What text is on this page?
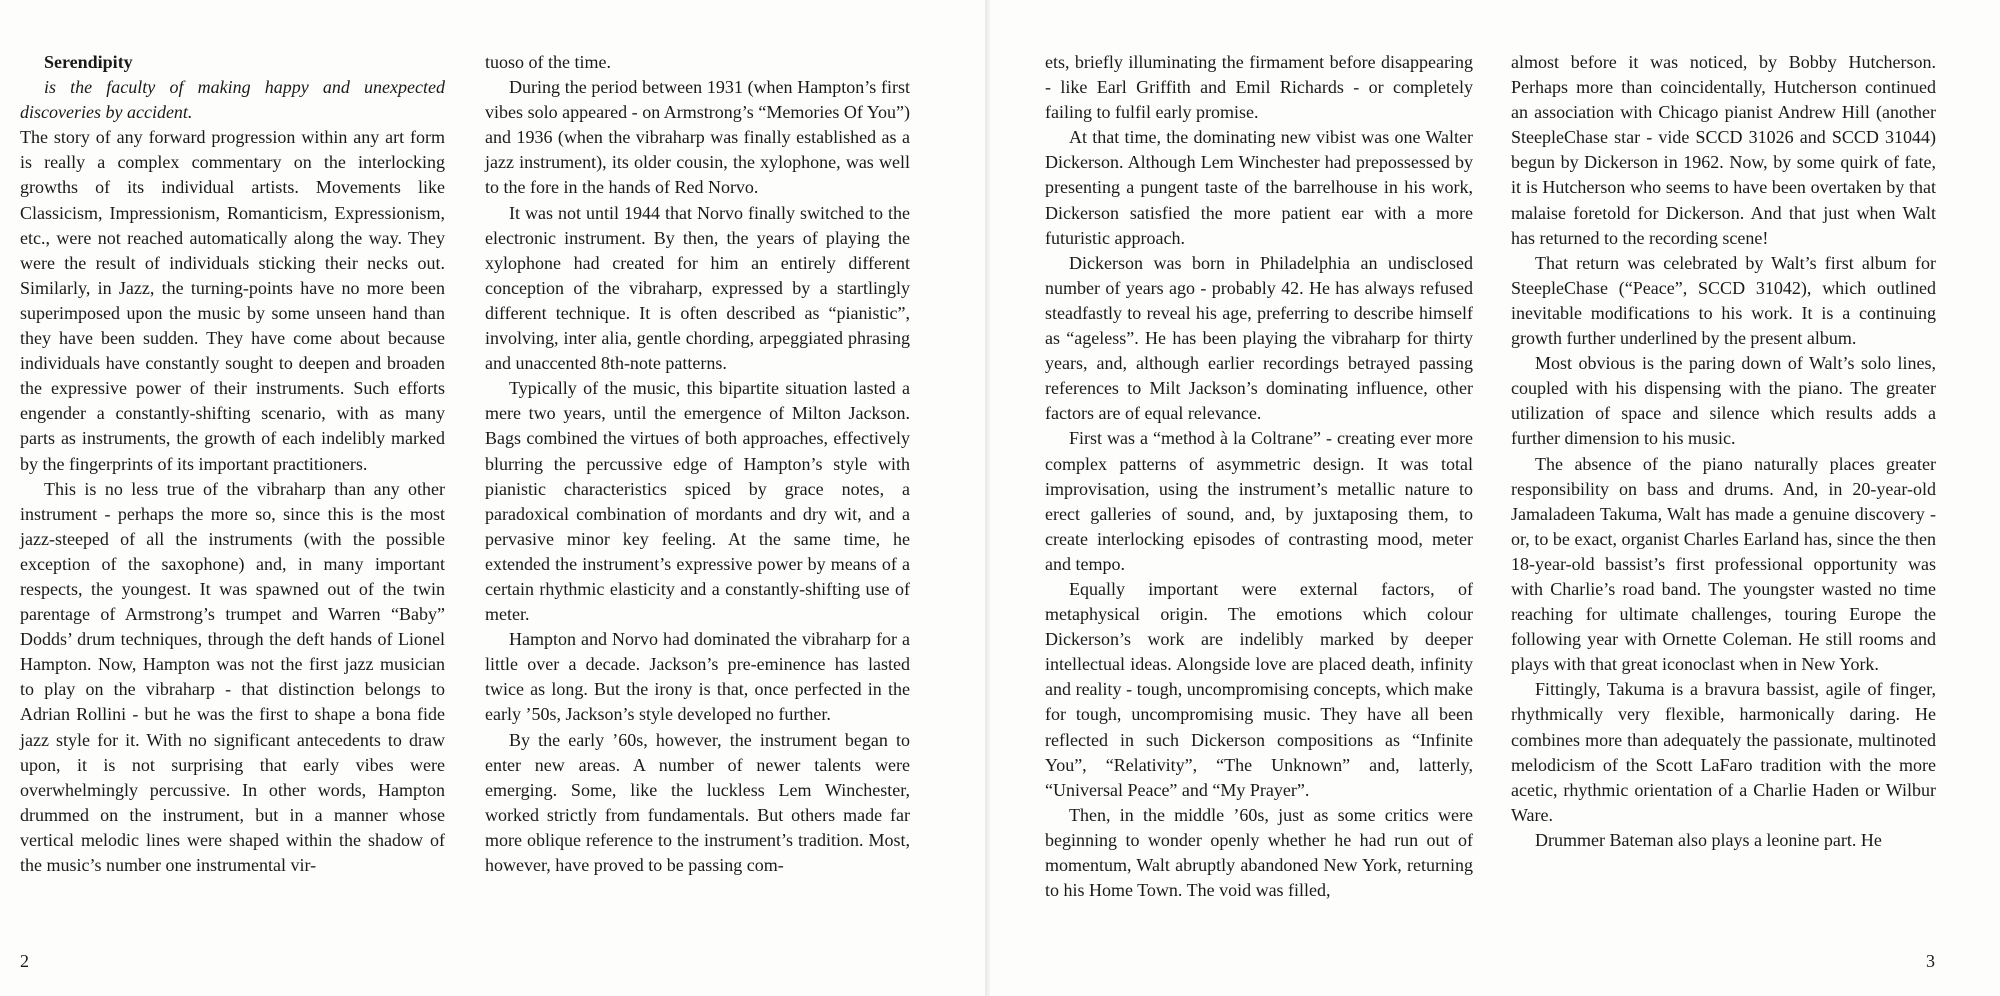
Serendipity

is the faculty of making happy and unexpected discoveries by accident.

The story of any forward progression within any art form is really a complex commentary on the interlocking growths of its individual artists. Movements like Classicism, Impressionism, Romanticism, Expressionism, etc., were not reached automatically along the way. They were the result of individuals sticking their necks out. Similarly, in Jazz, the turning-points have no more been superimposed upon the music by some unseen hand than they have been sudden. They have come about because individuals have constantly sought to deepen and broaden the expressive power of their instruments. Such efforts engender a constantly-shifting scenario, with as many parts as instruments, the growth of each indelibly marked by the fingerprints of its important practitioners.

This is no less true of the vibraharp than any other instrument - perhaps the more so, since this is the most jazz-steeped of all the instruments (with the possible exception of the saxophone) and, in many important respects, the youngest. It was spawned out of the twin parentage of Armstrong’s trumpet and Warren “Baby” Dodds’ drum techniques, through the deft hands of Lionel Hampton. Now, Hampton was not the first jazz musician to play on the vibraharp - that distinction belongs to Adrian Rollini - but he was the first to shape a bona fide jazz style for it. With no significant antecedents to draw upon, it is not surprising that early vibes were overwhelmingly percussive. In other words, Hampton drummed on the instrument, but in a manner whose vertical melodic lines were shaped within the shadow of the music’s number one instrumental vir-

tuoso of the time.

During the period between 1931 (when Hampton’s first vibes solo appeared - on Armstrong’s “Memories Of You”) and 1936 (when the vibraharp was finally established as a jazz instrument), its older cousin, the xylophone, was well to the fore in the hands of Red Norvo.

It was not until 1944 that Norvo finally switched to the electronic instrument. By then, the years of playing the xylophone had created for him an entirely different conception of the vibraharp, expressed by a startlingly different technique. It is often described as “pianistic”, involving, inter alia, gentle chording, arpeggiated phrasing and unaccented 8th-note patterns.

Typically of the music, this bipartite situation lasted a mere two years, until the emergence of Milton Jackson. Bags combined the virtues of both approaches, effectively blurring the percussive edge of Hampton’s style with pianistic characteristics spiced by grace notes, a paradoxical combination of mordants and dry wit, and a pervasive minor key feeling. At the same time, he extended the instrument’s expressive power by means of a certain rhythmic elasticity and a constantly-shifting use of meter.

Hampton and Norvo had dominated the vibraharp for a little over a decade. Jackson’s pre-eminence has lasted twice as long. But the irony is that, once perfected in the early ’50s, Jackson’s style developed no further.

By the early ’60s, however, the instrument began to enter new areas. A number of newer talents were emerging. Some, like the luckless Lem Winchester, worked strictly from fundamentals. But others made far more oblique reference to the instrument’s tradition. Most, however, have proved to be passing com-

2

ets, briefly illuminating the firmament before disappearing - like Earl Griffith and Emil Richards - or completely failing to fulfil early promise.

At that time, the dominating new vibist was one Walter Dickerson. Although Lem Winchester had prepossessed by presenting a pungent taste of the barrelhouse in his work, Dickerson satisfied the more patient ear with a more futuristic approach.

Dickerson was born in Philadelphia an undisclosed number of years ago - probably 42. He has always refused steadfastly to reveal his age, preferring to describe himself as “ageless”. He has been playing the vibraharp for thirty years, and, although earlier recordings betrayed passing references to Milt Jackson’s dominating influence, other factors are of equal relevance.

First was a “method à la Coltrane” - creating ever more complex patterns of asymmetric design. It was total improvisation, using the instrument’s metallic nature to erect galleries of sound, and, by juxtaposing them, to create interlocking episodes of contrasting mood, meter and tempo.

Equally important were external factors, of metaphysical origin. The emotions which colour Dickerson’s work are indelibly marked by deeper intellectual ideas. Alongside love are placed death, infinity and reality - tough, uncompromising concepts, which make for tough, uncompromising music. They have all been reflected in such Dickerson compositions as “Infinite You”, “Relativity”, “The Unknown” and, latterly, “Universal Peace” and “My Prayer”.

Then, in the middle ’60s, just as some critics were beginning to wonder openly whether he had run out of momentum, Walt abruptly abandoned New York, returning to his Home Town. The void was filled,

almost before it was noticed, by Bobby Hutcherson. Perhaps more than coincidentally, Hutcherson continued an association with Chicago pianist Andrew Hill (another SteepleChase star - vide SCCD 31026 and SCCD 31044) begun by Dickerson in 1962. Now, by some quirk of fate, it is Hutcherson who seems to have been overtaken by that malaise foretold for Dickerson. And that just when Walt has returned to the recording scene!

That return was celebrated by Walt’s first album for SteepleChase (“Peace”, SCCD 31042), which outlined inevitable modifications to his work. It is a continuing growth further underlined by the present album.

Most obvious is the paring down of Walt’s solo lines, coupled with his dispensing with the piano. The greater utilization of space and silence which results adds a further dimension to his music.

The absence of the piano naturally places greater responsibility on bass and drums. And, in 20-year-old Jamaladeen Takuma, Walt has made a genuine discovery - or, to be exact, organist Charles Earland has, since the then 18-year-old bassist’s first professional opportunity was with Charlie’s road band. The youngster wasted no time reaching for ultimate challenges, touring Europe the following year with Ornette Coleman. He still rooms and plays with that great iconoclast when in New York.

Fittingly, Takuma is a bravura bassist, agile of finger, rhythmically very flexible, harmonically daring. He combines more than adequately the passionate, multinoted melodicism of the Scott LaFaro tradition with the more acetic, rhythmic orientation of a Charlie Haden or Wilbur Ware.

Drummer Bateman also plays a leonine part. He

3
